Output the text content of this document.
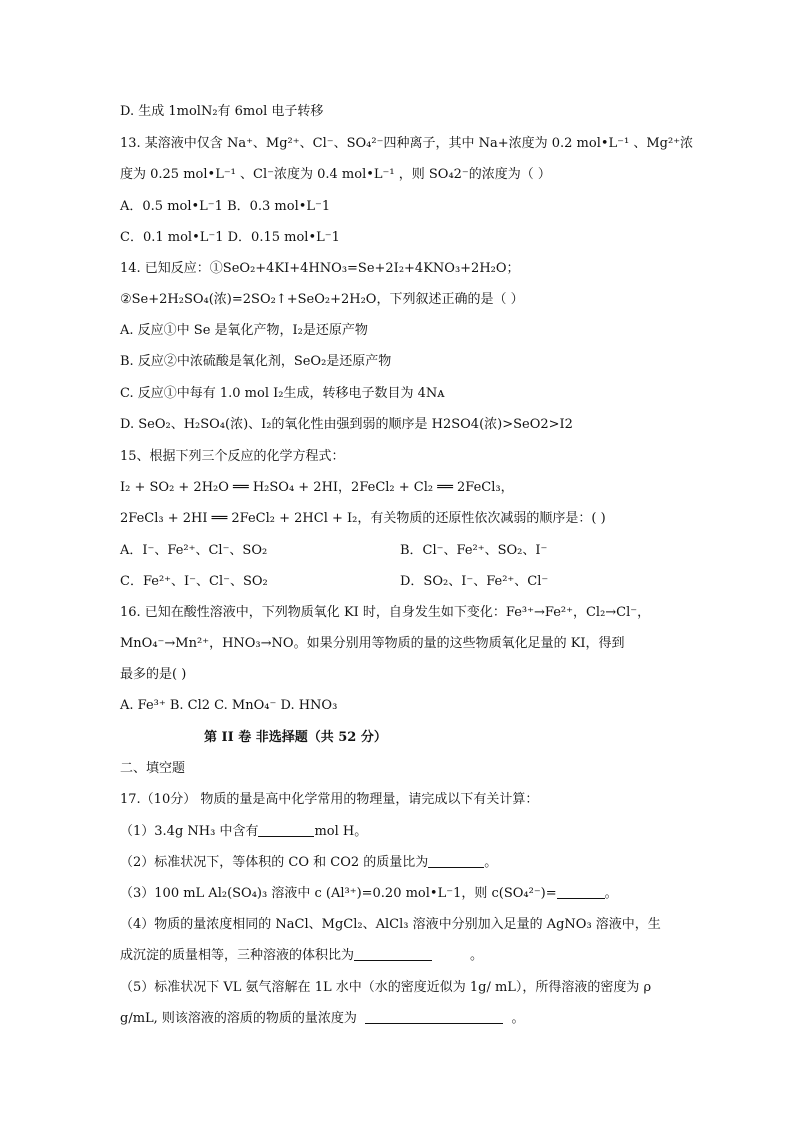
D. 生成 1molN₂有 6mol 电子转移
13. 某溶液中仅含 Na⁺、Mg²⁺、Cl⁻、SO₄²⁻四种离子，其中 Na+浓度为 0.2 mol•L⁻¹ 、Mg²⁺浓
度为 0.25 mol•L⁻¹ 、Cl⁻浓度为 0.4 mol•L⁻¹ ，则 SO₄2⁻的浓度为（ ）
A．0.5 mol•L⁻1 B．0.3 mol•L⁻1
C．0.1 mol•L⁻1 D．0.15 mol•L⁻1
14. 已知反应：①SeO₂+4KI+4HNO₃=Se+2I₂+4KNO₃+2H₂O；
②Se+2H₂SO₄(浓)=2SO₂↑+SeO₂+2H₂O，下列叙述正确的是（ ）
A. 反应①中 Se 是氧化产物，I₂是还原产物
B. 反应②中浓硫酸是氧化剂，SeO₂是还原产物
C. 反应①中每有 1.0 mol I₂生成，转移电子数目为 4Nᴀ
D. SeO₂、H₂SO₄(浓)、I₂的氧化性由强到弱的顺序是 H2SO4(浓)>SeO2>I2
15、根据下列三个反应的化学方程式：
I₂ + SO₂ + 2H₂O ══ H₂SO₄ + 2HI，2FeCl₂ + Cl₂ ══ 2FeCl₃，
2FeCl₃ + 2HI ══ 2FeCl₂ + 2HCl + I₂，有关物质的还原性依次减弱的顺序是：( )
A．I⁻、Fe²⁺、Cl⁻、SO₂	B．Cl⁻、Fe²⁺、SO₂、I⁻
C．Fe²⁺、I⁻、Cl⁻、SO₂	D．SO₂、I⁻、Fe²⁺、Cl⁻
16. 已知在酸性溶液中，下列物质氧化 KI 时，自身发生如下变化：Fe³⁺→Fe²⁺，Cl₂→Cl⁻，
MnO₄⁻→Mn²⁺，HNO₃→NO。如果分别用等物质的量的这些物质氧化足量的 KI，得到
最多的是( )
A. Fe³⁺ B. Cl2 C. MnO₄⁻ D. HNO₃
第 II 卷 非选择题（共 52 分）
二、填空题
17.（10分） 物质的量是高中化学常用的物理量，请完成以下有关计算：
（1）3.4g NH₃ 中含有	mol H。
（2）标准状况下，等体积的 CO 和 CO2 的质量比为	。
（3）100 mL Al₂(SO₄)₃ 溶液中 c (Al³⁺)=0.20 mol•L⁻1，则 c(SO₄²⁻)=	。
（4）物质的量浓度相同的 NaCl、MgCl₂、AlCl₃ 溶液中分别加入足量的 AgNO₃ 溶液中，生
成沉淀的质量相等，三种溶液的体积比为	。
（5）标准状况下 VL 氨气溶解在 1L 水中（水的密度近似为 1g/ mL），所得溶液的密度为 ρ
g/mL, 则该溶液的溶质的物质的量浓度为	。
